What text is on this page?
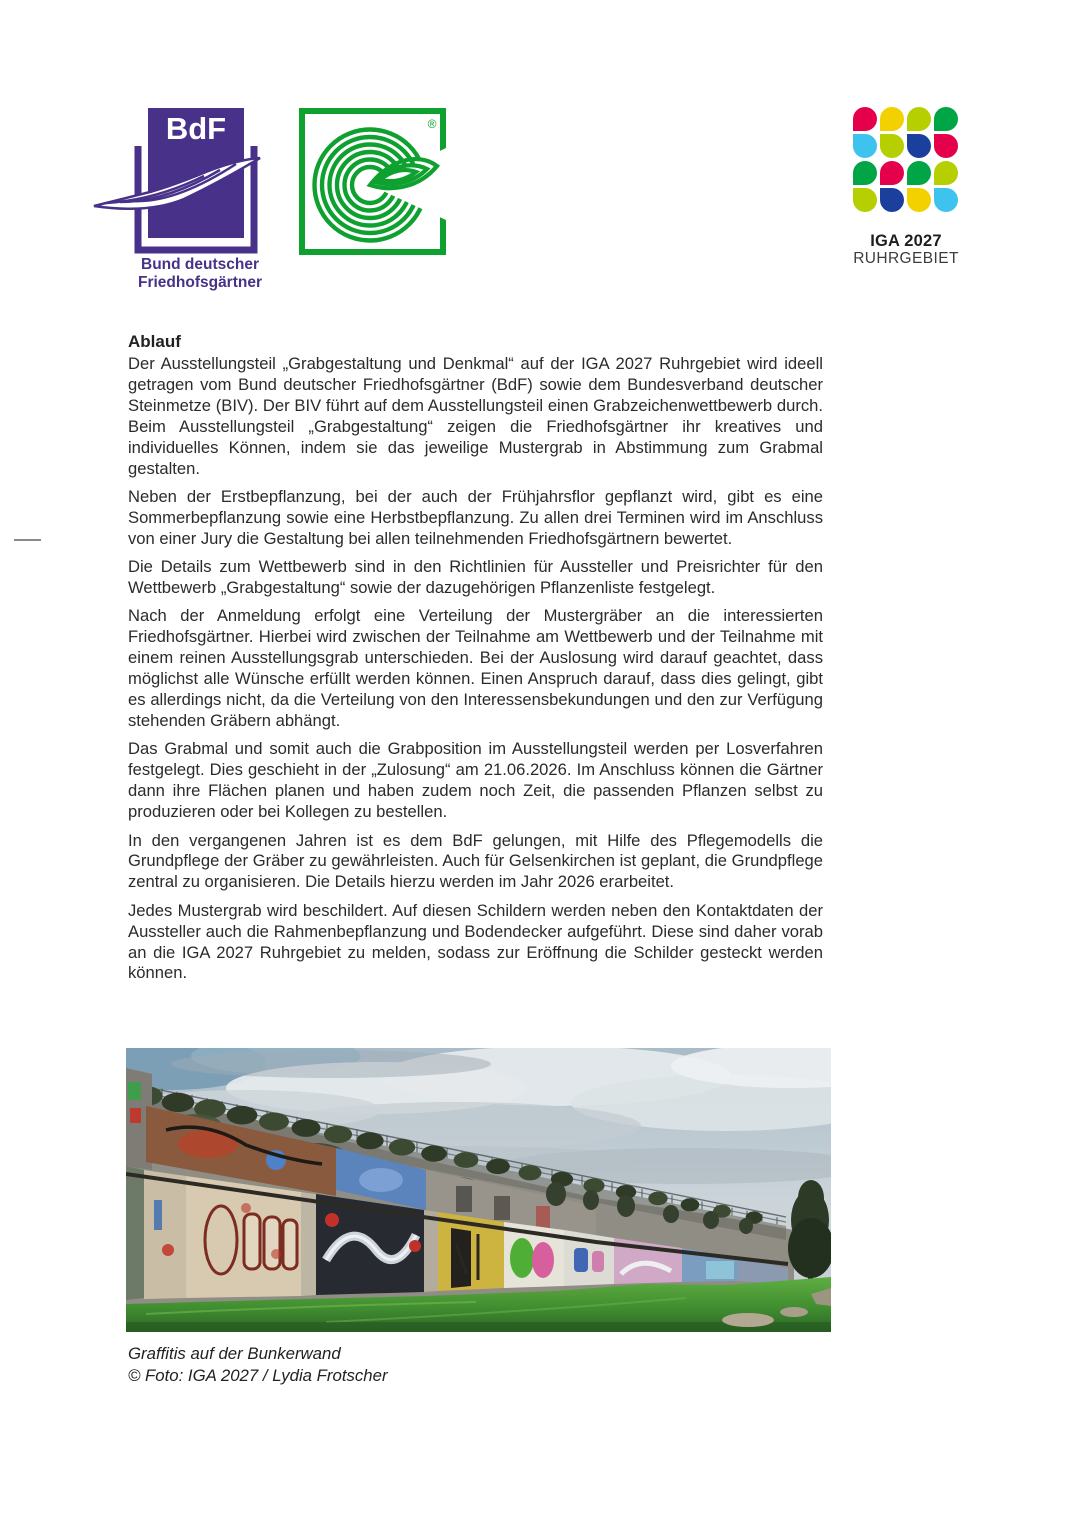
BdF
Bund deutscher
Friedhofsgärtner
®
IGA 2027
RUHRGEBIET
Ablauf

Der Ausstellungsteil „Grabgestaltung und Denkmal“ auf der IGA 2027 Ruhrgebiet wird ideell getragen vom Bund deutscher Friedhofsgärtner (BdF) sowie dem Bundesverband deutscher Steinmetze (BIV). Der BIV führt auf dem Ausstellungsteil einen Grabzeichenwettbewerb durch. Beim Ausstellungsteil „Grabgestaltung“ zeigen die Friedhofsgärtner ihr kreatives und individuelles Können, indem sie das jeweilige Mustergrab in Abstimmung zum Grabmal gestalten.

Neben der Erstbepflanzung, bei der auch der Frühjahrsflor gepflanzt wird, gibt es eine Sommerbepflanzung sowie eine Herbstbepflanzung. Zu allen drei Terminen wird im Anschluss von einer Jury die Gestaltung bei allen teilnehmenden Friedhofsgärtnern bewertet.

Die Details zum Wettbewerb sind in den Richtlinien für Aussteller und Preisrichter für den Wettbewerb „Grabgestaltung“ sowie der dazugehörigen Pflanzenliste festgelegt.

Nach der Anmeldung erfolgt eine Verteilung der Mustergräber an die interessierten Friedhofsgärtner. Hierbei wird zwischen der Teilnahme am Wettbewerb und der Teilnahme mit einem reinen Ausstellungsgrab unterschieden. Bei der Auslosung wird darauf geachtet, dass möglichst alle Wünsche erfüllt werden können. Einen Anspruch darauf, dass dies gelingt, gibt es allerdings nicht, da die Verteilung von den Interessensbekundungen und den zur Verfügung stehenden Gräbern abhängt.

Das Grabmal und somit auch die Grabposition im Ausstellungsteil werden per Losverfahren festgelegt. Dies geschieht in der „Zulosung“ am 21.06.2026. Im Anschluss können die Gärtner dann ihre Flächen planen und haben zudem noch Zeit, die passenden Pflanzen selbst zu produzieren oder bei Kollegen zu bestellen.

In den vergangenen Jahren ist es dem BdF gelungen, mit Hilfe des Pflegemodells die Grundpflege der Gräber zu gewährleisten. Auch für Gelsenkirchen ist geplant, die Grundpflege zentral zu organisieren. Die Details hierzu werden im Jahr 2026 erarbeitet.

Jedes Mustergrab wird beschildert. Auf diesen Schildern werden neben den Kontaktdaten der Aussteller auch die Rahmenbepflanzung und Bodendecker aufgeführt. Diese sind daher vorab an die IGA 2027 Ruhrgebiet zu melden, sodass zur Eröffnung die Schilder gesteckt werden können.

Graffitis auf der Bunkerwand
© Foto: IGA 2027 / Lydia Frotscher
